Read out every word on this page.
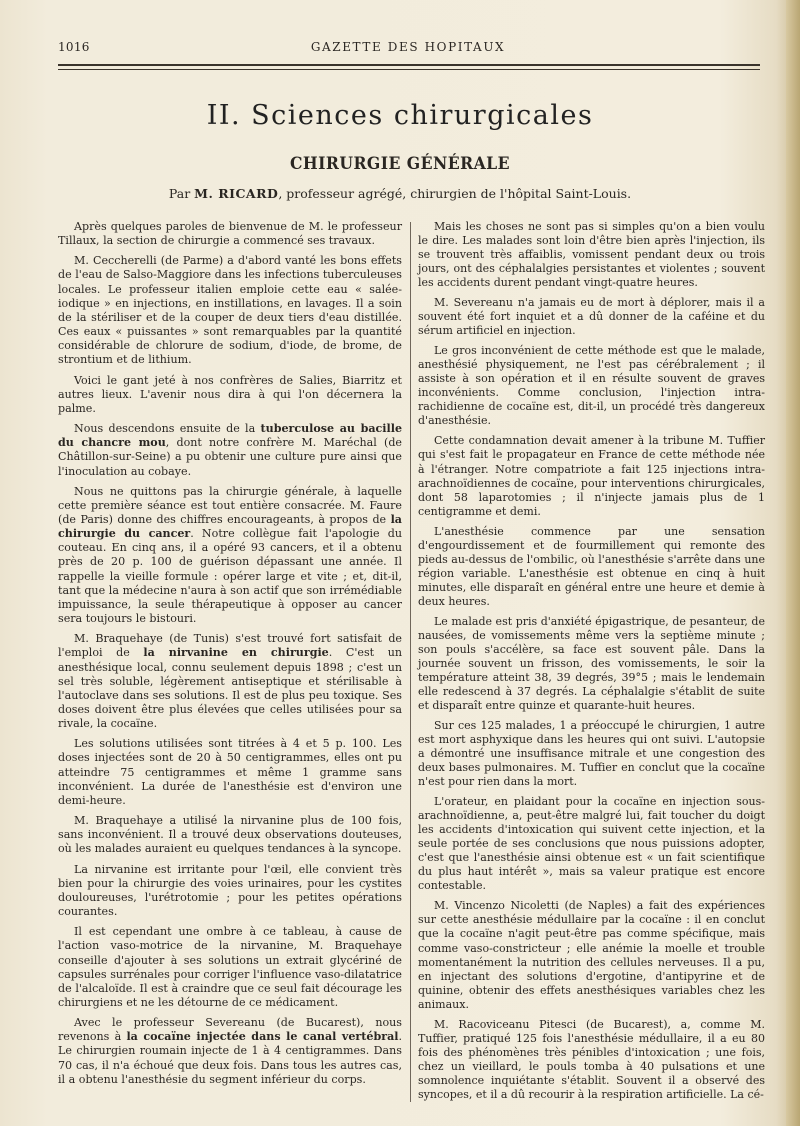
1016	GAZETTE DES HOPITAUX
II. Sciences chirurgicales
CHIRURGIE GÉNÉRALE
Par M. RICARD, professeur agrégé, chirurgien de l'hôpital Saint-Louis.

Après quelques paroles de bienvenue de M. le professeur Tillaux, la section de chirurgie a commencé ses travaux.

M. Ceccherelli (de Parme) a d'abord vanté les bons effets de l'eau de Salso-Maggiore dans les infections tuberculeuses locales. Le professeur italien emploie cette eau « salée-iodique » en injections, en instillations, en lavages. Il a soin de la stériliser et de la couper de deux tiers d'eau distillée. Ces eaux « puissantes » sont remarquables par la quantité considérable de chlorure de sodium, d'iode, de brome, de strontium et de lithium.

Voici le gant jeté à nos confrères de Salies, Biarritz et autres lieux. L'avenir nous dira à qui l'on décernera la palme.

Nous descendons ensuite de la tuberculose au bacille du chancre mou, dont notre confrère M. Maréchal (de Châtillon-sur-Seine) a pu obtenir une culture pure ainsi que l'inoculation au cobaye.

Nous ne quittons pas la chirurgie générale, à laquelle cette première séance est tout entière consacrée. M. Faure (de Paris) donne des chiffres encourageants, à propos de la chirurgie du cancer. Notre collègue fait l'apologie du couteau. En cinq ans, il a opéré 93 cancers, et il a obtenu près de 20 p. 100 de guérison dépassant une année. Il rappelle la vieille formule : opérer large et vite ; et, dit-il, tant que la médecine n'aura à son actif que son irrémédiable impuissance, la seule thérapeutique à opposer au cancer sera toujours le bistouri.

M. Braquehaye (de Tunis) s'est trouvé fort satisfait de l'emploi de la nirvanine en chirurgie. C'est un anesthésique local, connu seulement depuis 1898 ; c'est un sel très soluble, légèrement antiseptique et stérilisable à l'autoclave dans ses solutions. Il est de plus peu toxique. Ses doses doivent être plus élevées que celles utilisées pour sa rivale, la cocaïne.

Les solutions utilisées sont titrées à 4 et 5 p. 100. Les doses injectées sont de 20 à 50 centigrammes, elles ont pu atteindre 75 centigrammes et même 1 gramme sans inconvénient. La durée de l'anesthésie est d'environ une demi-heure.

M. Braquehaye a utilisé la nirvanine plus de 100 fois, sans inconvénient. Il a trouvé deux observations douteuses, où les malades auraient eu quelques tendances à la syncope.

La nirvanine est irritante pour l'œil, elle convient très bien pour la chirurgie des voies urinaires, pour les cystites douloureuses, l'urétrotomie ; pour les petites opérations courantes.

Il est cependant une ombre à ce tableau, à cause de l'action vaso-motrice de la nirvanine, M. Braquehaye conseille d'ajouter à ses solutions un extrait glycériné de capsules surrénales pour corriger l'influence vaso-dilatatrice de l'alcaloïde. Il est à craindre que ce seul fait décourage les chirurgiens et ne les détourne de ce médicament.

Avec le professeur Severeanu (de Bucarest), nous revenons à la cocaïne injectée dans le canal vertébral. Le chirurgien roumain injecte de 1 à 4 centigrammes. Dans 70 cas, il n'a échoué que deux fois. Dans tous les autres cas, il a obtenu l'anesthésie du segment inférieur du corps.

Mais les choses ne sont pas si simples qu'on a bien voulu le dire. Les malades sont loin d'être bien après l'injection, ils se trouvent très affaiblis, vomissent pendant deux ou trois jours, ont des céphalalgies persistantes et violentes ; souvent les accidents durent pendant vingt-quatre heures.

M. Severeanu n'a jamais eu de mort à déplorer, mais il a souvent été fort inquiet et a dû donner de la caféine et du sérum artificiel en injection.

Le gros inconvénient de cette méthode est que le malade, anesthésié physiquement, ne l'est pas cérébralement ; il assiste à son opération et il en résulte souvent de graves inconvénients. Comme conclusion, l'injection intra-rachidienne de cocaïne est, dit-il, un procédé très dangereux d'anesthésie.

Cette condamnation devait amener à la tribune M. Tuffier qui s'est fait le propagateur en France de cette méthode née à l'étranger. Notre compatriote a fait 125 injections intra-arachnoïdiennes de cocaïne, pour interventions chirurgicales, dont 58 laparotomies ; il n'injecte jamais plus de 1 centigramme et demi.

L'anesthésie commence par une sensation d'engourdissement et de fourmillement qui remonte des pieds au-dessus de l'ombilic, où l'anesthésie s'arrête dans une région variable. L'anesthésie est obtenue en cinq à huit minutes, elle disparaît en général entre une heure et demie à deux heures.

Le malade est pris d'anxiété épigastrique, de pesanteur, de nausées, de vomissements même vers la septième minute ; son pouls s'accélère, sa face est souvent pâle. Dans la journée souvent un frisson, des vomissements, le soir la température atteint 38, 39 degrés, 39°5 ; mais le lendemain elle redescend à 37 degrés. La céphalalgie s'établit de suite et disparaît entre quinze et quarante-huit heures.

Sur ces 125 malades, 1 a préoccupé le chirurgien, 1 autre est mort asphyxique dans les heures qui ont suivi. L'autopsie a démontré une insuffisance mitrale et une congestion des deux bases pulmonaires. M. Tuffier en conclut que la cocaïne n'est pour rien dans la mort.

L'orateur, en plaidant pour la cocaïne en injection sous-arachnoïdienne, a, peut-être malgré lui, fait toucher du doigt les accidents d'intoxication qui suivent cette injection, et la seule portée de ses conclusions que nous puissions adopter, c'est que l'anesthésie ainsi obtenue est « un fait scientifique du plus haut intérêt », mais sa valeur pratique est encore contestable.

M. Vincenzo Nicoletti (de Naples) a fait des expériences sur cette anesthésie médullaire par la cocaïne : il en conclut que la cocaïne n'agit peut-être pas comme spécifique, mais comme vaso-constricteur ; elle anémie la moelle et trouble momentanément la nutrition des cellules nerveuses. Il a pu, en injectant des solutions d'ergotine, d'antipyrine et de quinine, obtenir des effets anesthésiques variables chez les animaux.

M. Racoviceanu Pitesci (de Bucarest), a, comme M. Tuffier, pratiqué 125 fois l'anesthésie médullaire, il a eu 80 fois des phénomènes très pénibles d'intoxication ; une fois, chez un vieillard, le pouls tomba à 40 pulsations et une somnolence inquiétante s'établit. Souvent il a observé des syncopes, et il a dû recourir à la respiration artificielle. La cé-
